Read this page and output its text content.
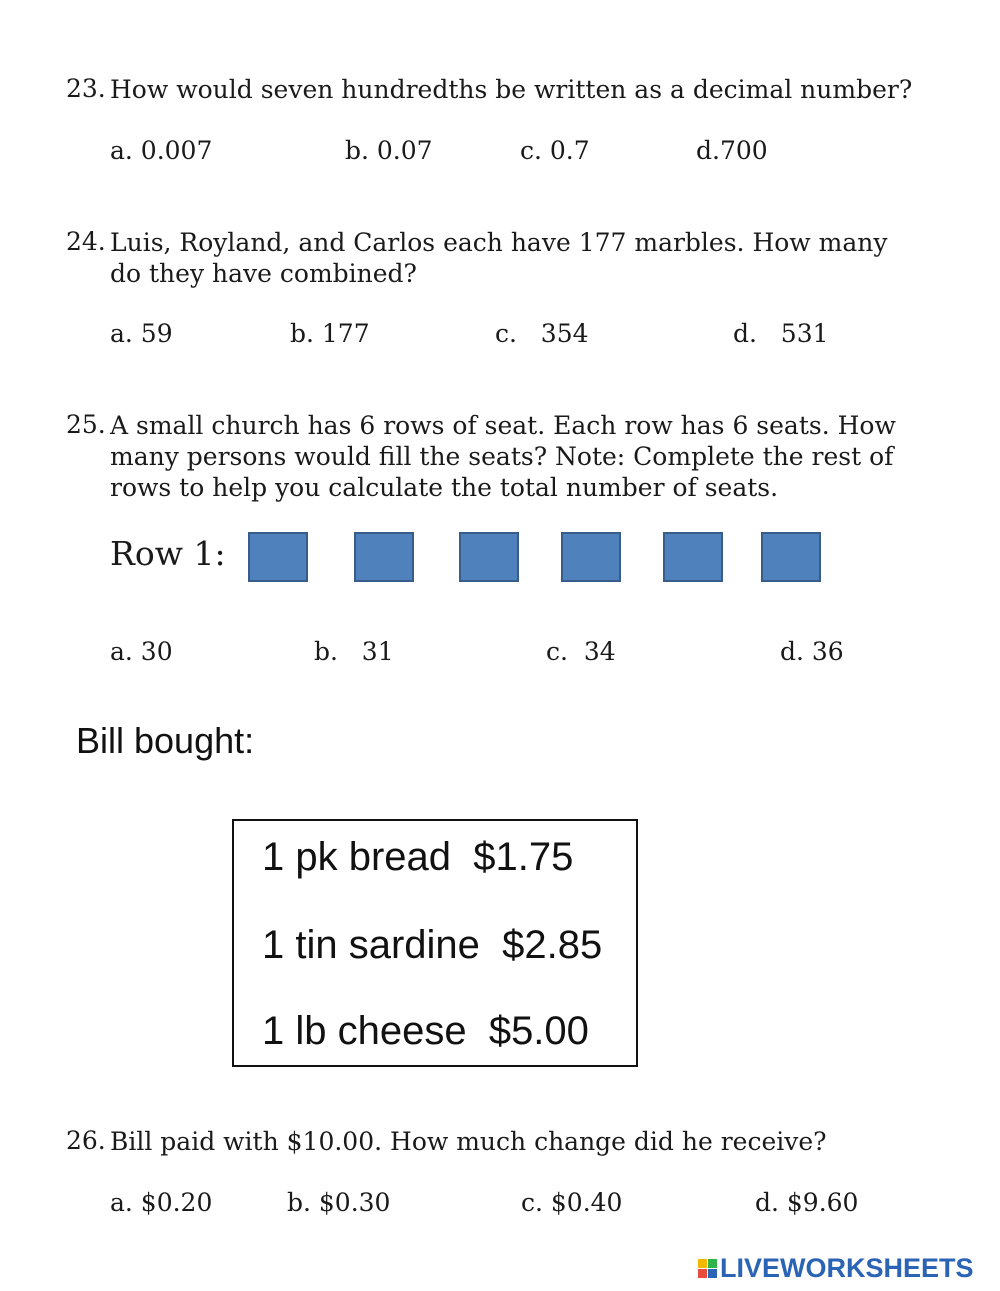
23. How would seven hundredths be written as a decimal number?
a. 0.007	b. 0.07	c. 0.7	d.700
24. Luis, Royland, and Carlos each have 177 marbles. How many
do they have combined?
a. 59	b. 177	c.   354	d.   531
25. A small church has 6 rows of seat. Each row has 6 seats. How
many persons would fill the seats? Note: Complete the rest of
rows to help you calculate the total number of seats.
Row 1:
a. 30	b.   31	c.  34	d. 36
Bill bought:
1 pk bread  $1.75
1 tin sardine  $2.85
1 lb cheese  $5.00
26. Bill paid with $10.00. How much change did he receive?
a. $0.20	b. $0.30	c. $0.40	d. $9.60
LIVEWORKSHEETS
